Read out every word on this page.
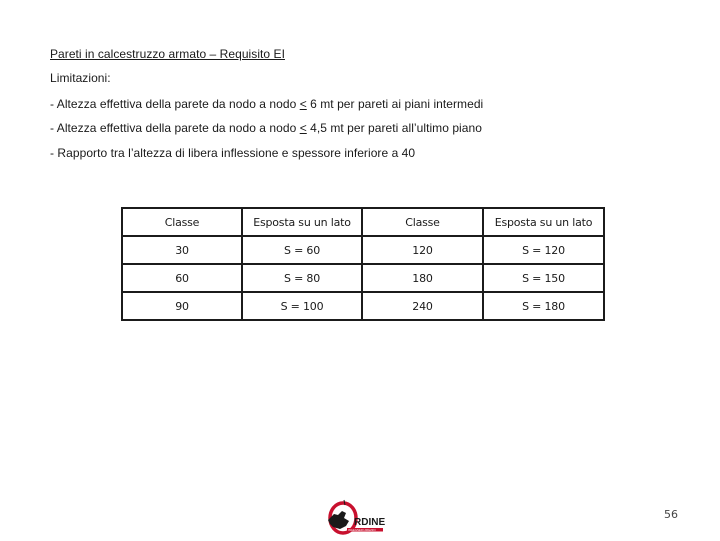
Pareti in calcestruzzo armato – Requisito EI
Limitazioni:
- Altezza effettiva della parete da nodo a nodo ≤ 6 mt per pareti ai piani intermedi
- Altezza effettiva della parete da nodo a nodo ≤ 4,5 mt per pareti all’ultimo piano
- Rapporto tra l’altezza di libera inflessione e spessore inferiore a 40
Classe	Esposta su un lato	Classe	Esposta su un lato
30	S = 60	120	S = 120
60	S = 80	180	S = 150
90	S = 100	240	S = 180
RDINE
INGEGNERI AREZZO
56
